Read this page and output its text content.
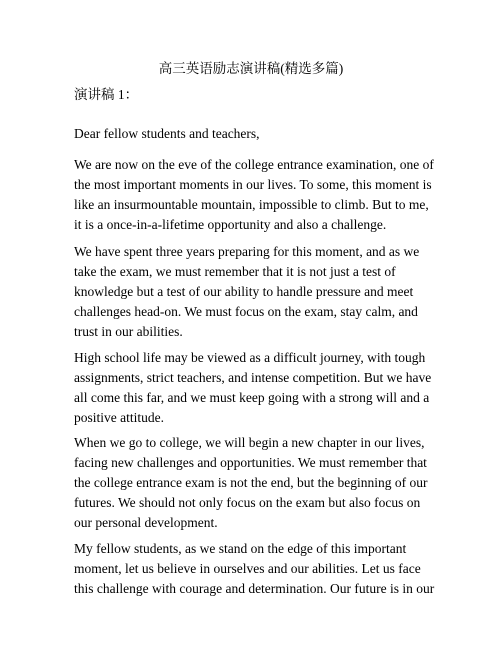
高三英语励志演讲稿(精选多篇)
演讲稿 1：

Dear fellow students and teachers,

We are now on the eve of the college entrance examination, one of
the most important moments in our lives. To some, this moment is
like an insurmountable mountain, impossible to climb. But to me,
it is a once-in-a-lifetime opportunity and also a challenge.

We have spent three years preparing for this moment, and as we
take the exam, we must remember that it is not just a test of
knowledge but a test of our ability to handle pressure and meet
challenges head-on. We must focus on the exam, stay calm, and
trust in our abilities.

High school life may be viewed as a difficult journey, with tough
assignments, strict teachers, and intense competition. But we have
all come this far, and we must keep going with a strong will and a
positive attitude.

When we go to college, we will begin a new chapter in our lives,
facing new challenges and opportunities. We must remember that
the college entrance exam is not the end, but the beginning of our
futures. We should not only focus on the exam but also focus on
our personal development.

My fellow students, as we stand on the edge of this important
moment, let us believe in ourselves and our abilities. Let us face
this challenge with courage and determination. Our future is in our
